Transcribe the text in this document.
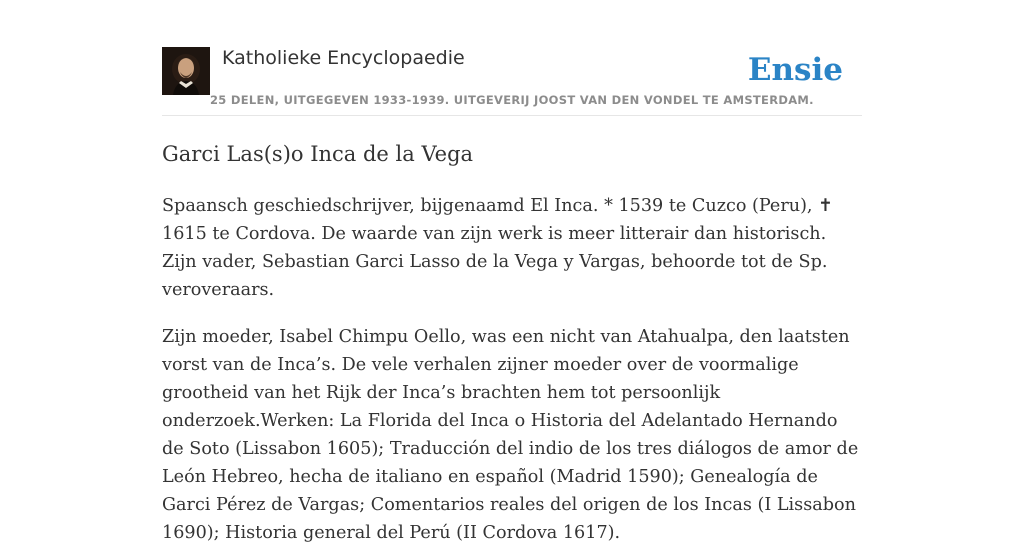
Katholieke Encyclopaedie	Ensie
25 DELEN, UITGEGEVEN 1933-1939. UITGEVERIJ JOOST VAN DEN VONDEL TE AMSTERDAM.
Garci Las(s)o Inca de la Vega

Spaansch geschiedschrijver, bijgenaamd El Inca. * 1539 te Cuzco (Peru), ✝ 1615 te Cordova. De waarde van zijn werk is meer litterair dan historisch. Zijn vader, Sebastian Garci Lasso de la Vega y Vargas, behoorde tot de Sp. veroveraars.

Zijn moeder, Isabel Chimpu Oello, was een nicht van Atahualpa, den laatsten vorst van de Inca’s. De vele verhalen zijner moeder over de voormalige grootheid van het Rijk der Inca’s brachten hem tot persoonlijk onderzoek.Werken: La Florida del Inca o Historia del Adelantado Hernando de Soto (Lissabon 1605); Traducción del indio de los tres diálogos de amor de León Hebreo, hecha de italiano en español (Madrid 1590); Genealogía de Garci Pérez de Vargas; Comentarios reales del origen de los Incas (I Lissabon 1690); Historia general del Perú (II Cordova 1617).
